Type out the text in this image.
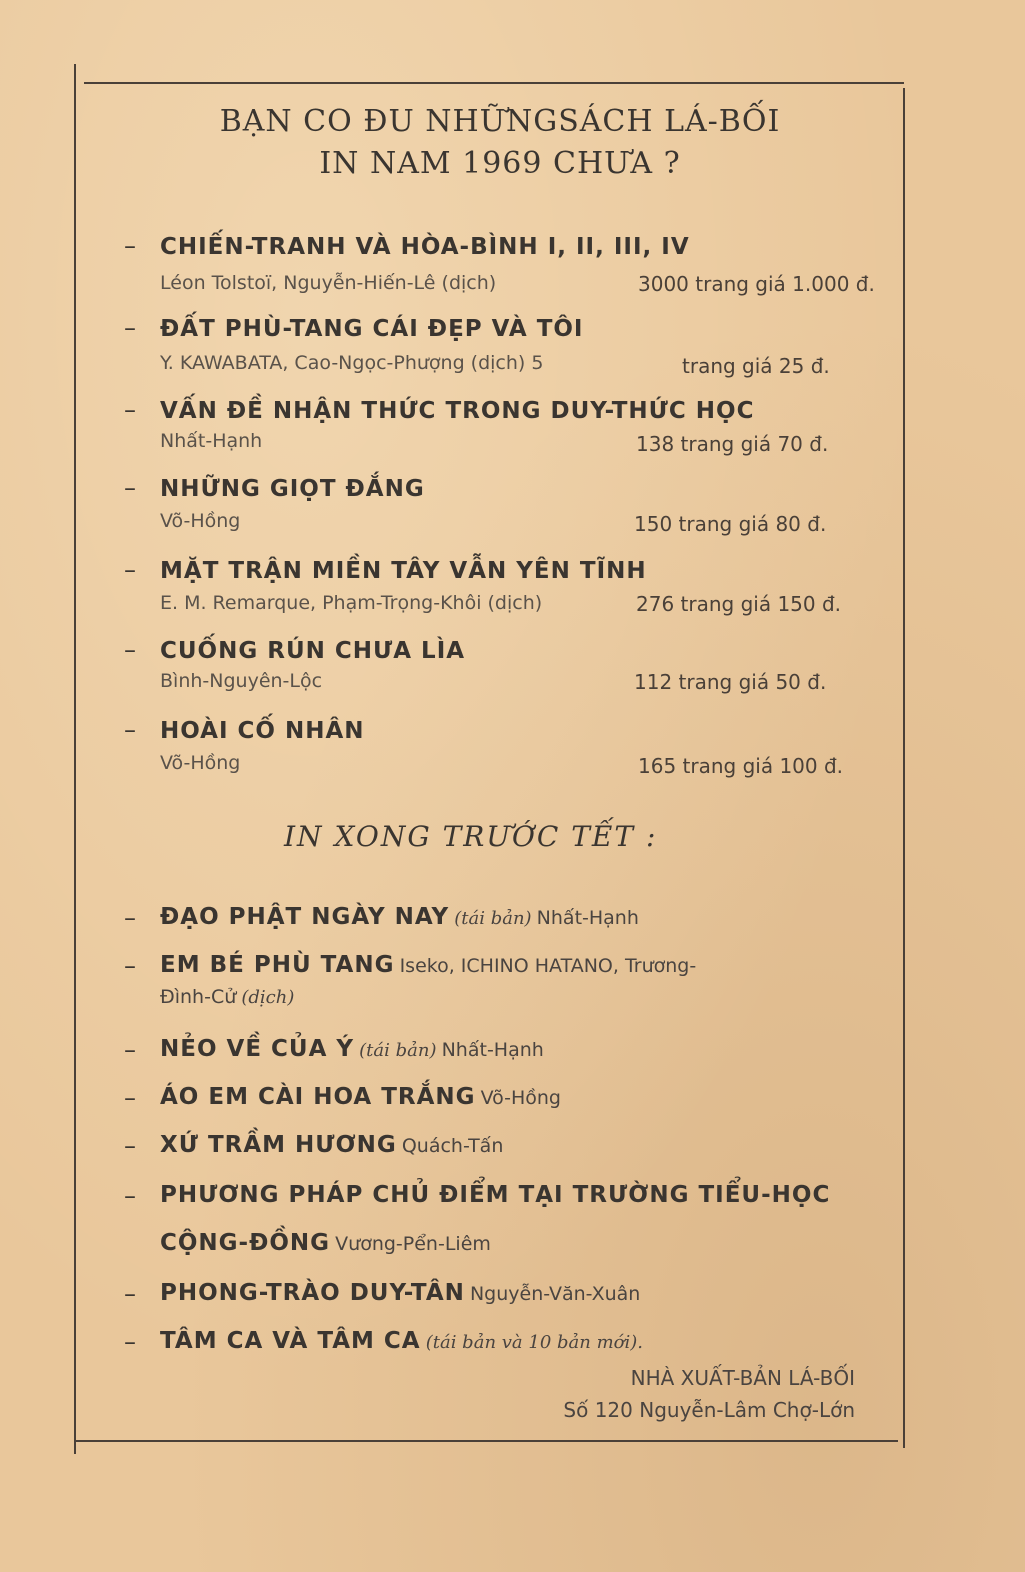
BẠN CO ĐU NHỮNGSÁCH LÁ-BỐI
IN NAM 1969 CHƯA ?
– CHIẾN-TRANH VÀ HÒA-BÌNH I, II, III, IV
Léon Tolstoï, Nguyễn-Hiến-Lê (dịch)	3000 trang giá 1.000 đ.
– ĐẤT PHÙ-TANG CÁI ĐẸP VÀ TÔI
Y. KAWABATA, Cao-Ngọc-Phượng (dịch) 5	trang giá 25 đ.
– VẤN ĐỀ NHẬN THỨC TRONG DUY-THỨC HỌC
Nhất-Hạnh	138 trang giá 70 đ.
– NHỮNG GIỌT ĐẮNG
Võ-Hồng	150 trang giá 80 đ.
– MẶT TRẬN MIỀN TÂY VẪN YÊN TĨNH
E. M. Remarque, Phạm-Trọng-Khôi (dịch)	276 trang giá 150 đ.
– CUỐNG RÚN CHƯA LÌA
Bình-Nguyên-Lộc	112 trang giá 50 đ.
– HOÀI CỐ NHÂN
Võ-Hồng	165 trang giá 100 đ.
IN XONG TRƯỚC TẾT :
– ĐẠO PHẬT NGÀY NAY (tái bản) Nhất-Hạnh
– EM BÉ PHÙ TANG Iseko, ICHINO HATANO, Trương-
Đình-Cử (dịch)
– NẺO VỀ CỦA Ý (tái bản) Nhất-Hạnh
– ÁO EM CÀI HOA TRẮNG Võ-Hồng
– XỨ TRẦM HƯƠNG Quách-Tấn
– PHƯƠNG PHÁP CHỦ ĐIỂM TẠI TRƯỜNG TIỂU-HỌC
CỘNG-ĐỒNG Vương-Pển-Liêm
– PHONG-TRÀO DUY-TÂN Nguyễn-Văn-Xuân
– TÂM CA VÀ TÂM CA (tái bản và 10 bản mới).
NHÀ XUẤT-BẢN LÁ-BỐI
Số 120 Nguyễn-Lâm Chợ-Lớn
